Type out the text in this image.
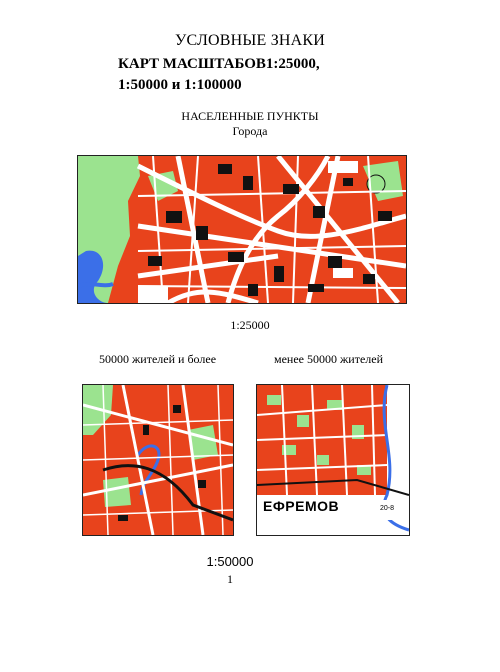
УСЛОВНЫЕ ЗНАКИ
КАРТ МАСШТАБОВ1:25000,
1:50000 и 1:100000
НАСЕЛЕННЫЕ ПУНКТЫ
Города
1:25000
50000 жителей и более	менее 50000 жителей
ЕФРЕМОВ	20-8
1:50000
1
